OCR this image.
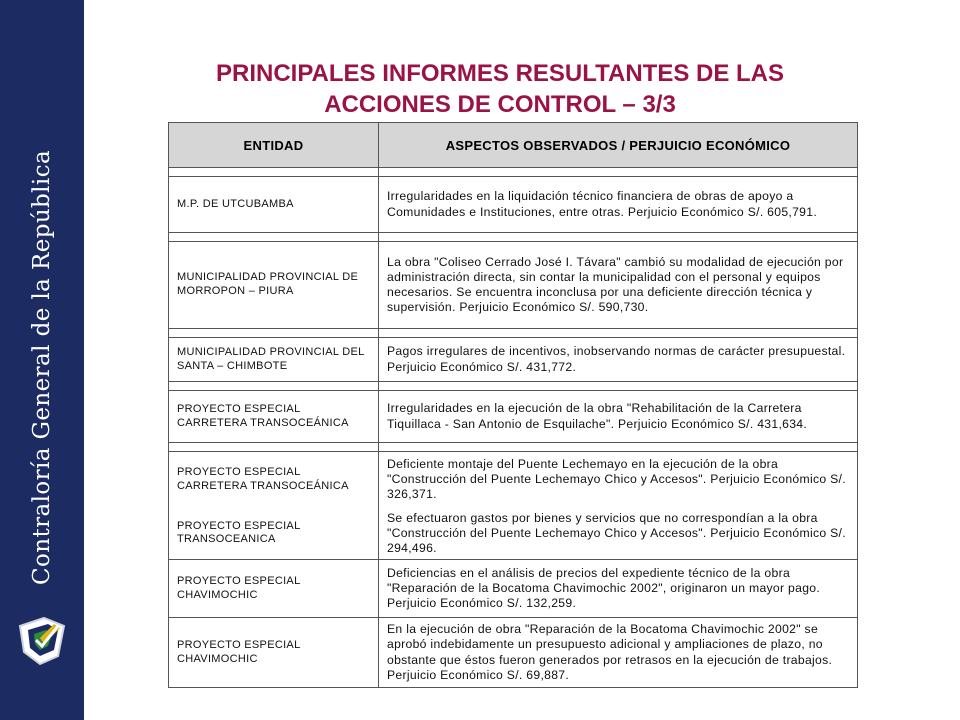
Contraloría General de la República
PRINCIPALES INFORMES RESULTANTES DE LAS
ACCIONES DE CONTROL – 3/3
ENTIDAD	ASPECTOS OBSERVADOS / PERJUICIO ECONÓMICO

M.P. DE UTCUBAMBA	Irregularidades en la liquidación técnico financiera de obras de apoyo a Comunidades e Instituciones, entre otras. Perjuicio Económico S/. 605,791.

MUNICIPALIDAD PROVINCIAL DE MORROPON – PIURA	La obra "Coliseo Cerrado José I. Távara" cambió su modalidad de ejecución por administración directa, sin contar la municipalidad con el personal y equipos necesarios. Se encuentra inconclusa por una deficiente dirección técnica y supervisión. Perjuicio Económico S/. 590,730.

MUNICIPALIDAD PROVINCIAL DEL SANTA – CHIMBOTE	Pagos irregulares de incentivos, inobservando normas de carácter presupuestal. Perjuicio Económico S/. 431,772.

PROYECTO ESPECIAL CARRETERA TRANSOCEÁNICA	Irregularidades en la ejecución de la obra "Rehabilitación de la Carretera Tiquillaca - San Antonio de Esquilache". Perjuicio Económico S/. 431,634.

PROYECTO ESPECIAL CARRETERA TRANSOCEÁNICA	Deficiente montaje del Puente Lechemayo en la ejecución de la obra "Construcción del Puente Lechemayo Chico y Accesos". Perjuicio Económico S/. 326,371.
PROYECTO ESPECIAL TRANSOCEANICA	Se efectuaron gastos por bienes y servicios que no correspondían a la obra "Construcción del Puente Lechemayo Chico y Accesos". Perjuicio Económico S/. 294,496.
PROYECTO ESPECIAL CHAVIMOCHIC	Deficiencias en el análisis de precios del expediente técnico de la obra "Reparación de la Bocatoma Chavimochic 2002", originaron un mayor pago. Perjuicio Económico S/. 132,259.
PROYECTO ESPECIAL CHAVIMOCHIC	En la ejecución de obra "Reparación de la Bocatoma Chavimochic 2002" se aprobó indebidamente un presupuesto adicional y ampliaciones de plazo, no obstante que éstos fueron generados por retrasos en la ejecución de trabajos. Perjuicio Económico S/. 69,887.
